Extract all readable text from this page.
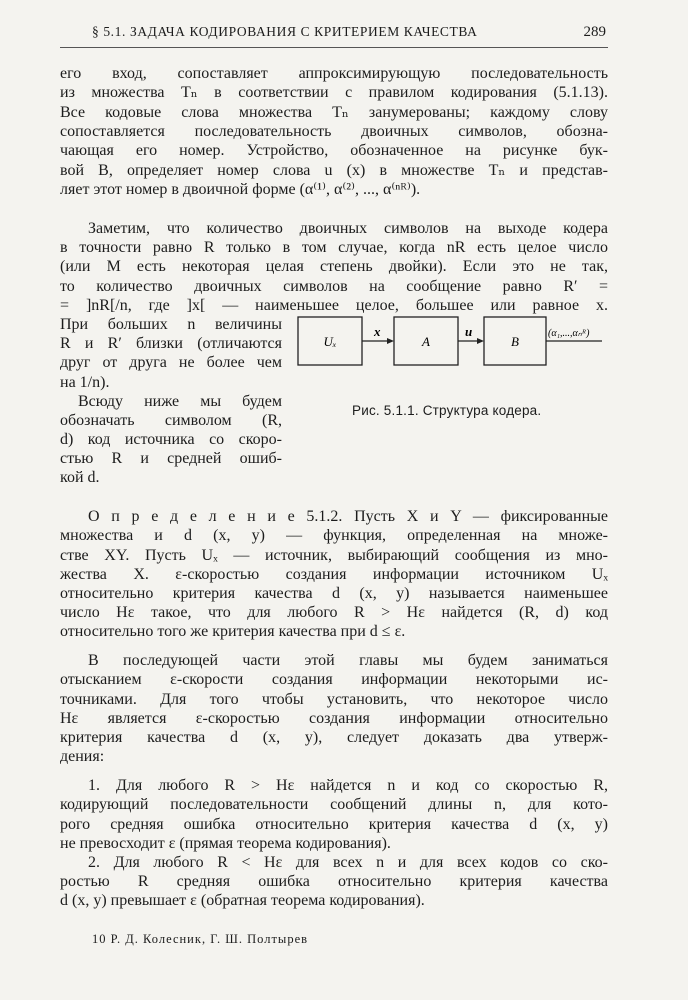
§ 5.1. ЗАДАЧА КОДИРОВАНИЯ С КРИТЕРИЕМ КАЧЕСТВА	289
его вход, сопоставляет аппроксимирующую последовательность
из множества Tₙ в соответствии с правилом кодирования (5.1.13).
Все кодовые слова множества Tₙ занумерованы; каждому слову
сопоставляется последовательность двоичных символов, обозна-
чающая его номер. Устройство, обозначенное на рисунке бук-
вой B, определяет номер слова u (x) в множестве Tₙ и представ-
ляет этот номер в двоичной форме (α⁽¹⁾, α⁽²⁾, ..., α⁽ⁿᴿ⁾).
Заметим, что количество двоичных символов на выходе кодера
в точности равно R только в том случае, когда nR есть целое число
(или M есть некоторая целая степень двойки). Если это не так,
то количество двоичных символов на сообщение равно R′ =
= ]nR[/n, где ]x[ — наименьшее целое, большее или равное x.
При больших n величины
R и R′ близки (отличаются
друг от друга не более чем
на 1/n).
Всюду ниже мы будем
обозначать символом (R,
d) код источника со скоро-
стью R и средней ошиб-
кой d.
О п р е д е л е н и е 5.1.2. Пусть X и Y — фиксированные
множества и d (x, y) — функция, определенная на множе-
стве XY. Пусть Uₓ — источник, выбирающий сообщения из мно-
жества X. ε-скоростью создания информации источником Uₓ
относительно критерия качества d (x, y) называется наименьшее
число Hε такое, что для любого R > Hε найдется (R, d) код
относительно того же критерия качества при d ≤ ε.
В последующей части этой главы мы будем заниматься
отысканием ε-скорости создания информации некоторыми ис-
точниками. Для того чтобы установить, что некоторое число
Hε является ε-скоростью создания информации относительно
критерия качества d (x, y), следует доказать два утверж-
дения:
1. Для любого R > Hε найдется n и код со скоростью R,
кодирующий последовательности сообщений длины n, для кото-
рого средняя ошибка относительно критерия качества d (x, y)
не превосходит ε (прямая теорема кодирования).
2. Для любого R < Hε для всех n и для всех кодов со ско-
ростью R средняя ошибка относительно критерия качества
d (x, y) превышает ε (обратная теорема кодирования).
Uₓ	A	B
x	u	(α₁,...,αₙᴿ)
Рис. 5.1.1. Структура кодера.
10 Р. Д. Колесник, Г. Ш. Полтырев
